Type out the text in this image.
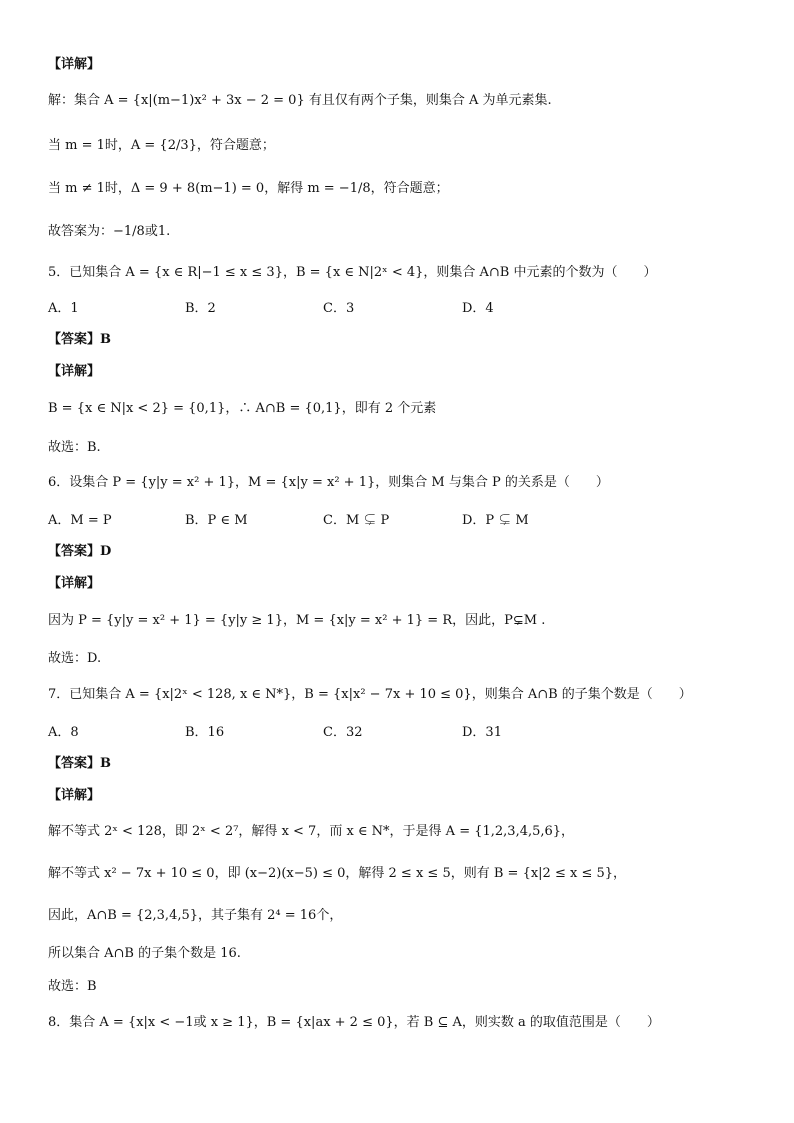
【详解】
解：集合 A = {x|(m−1)x² + 3x − 2 = 0} 有且仅有两个子集，则集合 A 为单元素集.
当 m = 1时，A = {2/3}，符合题意；
当 m ≠ 1时，Δ = 9 + 8(m−1) = 0，解得 m = −1/8，符合题意；
故答案为：−1/8或1.
5．已知集合 A = {x ∈ R|−1 ≤ x ≤ 3}，B = {x ∈ N|2ˣ < 4}，则集合 A∩B 中元素的个数为（　　）
A．1	B．2	C．3	D．4
【答案】B
【详解】
B = {x ∈ N|x < 2} = {0,1}，∴ A∩B = {0,1}，即有 2 个元素
故选：B.
6．设集合 P = {y|y = x² + 1}，M = {x|y = x² + 1}，则集合 M 与集合 P 的关系是（　　）
A．M = P	B．P ∈ M	C．M ⊊ P	D．P ⊊ M
【答案】D
【详解】
因为 P = {y|y = x² + 1} = {y|y ≥ 1}，M = {x|y = x² + 1} = R，因此，P⊊M .
故选：D.
7．已知集合 A = {x|2ˣ < 128, x ∈ N*}，B = {x|x² − 7x + 10 ≤ 0}，则集合 A∩B 的子集个数是（　　）
A．8	B．16	C．32	D．31
【答案】B
【详解】
解不等式 2ˣ < 128，即 2ˣ < 2⁷，解得 x < 7，而 x ∈ N*，于是得 A = {1,2,3,4,5,6}，
解不等式 x² − 7x + 10 ≤ 0，即 (x−2)(x−5) ≤ 0，解得 2 ≤ x ≤ 5，则有 B = {x|2 ≤ x ≤ 5}，
因此，A∩B = {2,3,4,5}，其子集有 2⁴ = 16个，
所以集合 A∩B 的子集个数是 16.
故选：B
8．集合 A = {x|x < −1或 x ≥ 1}，B = {x|ax + 2 ≤ 0}，若 B ⊆ A，则实数 a 的取值范围是（　　）
